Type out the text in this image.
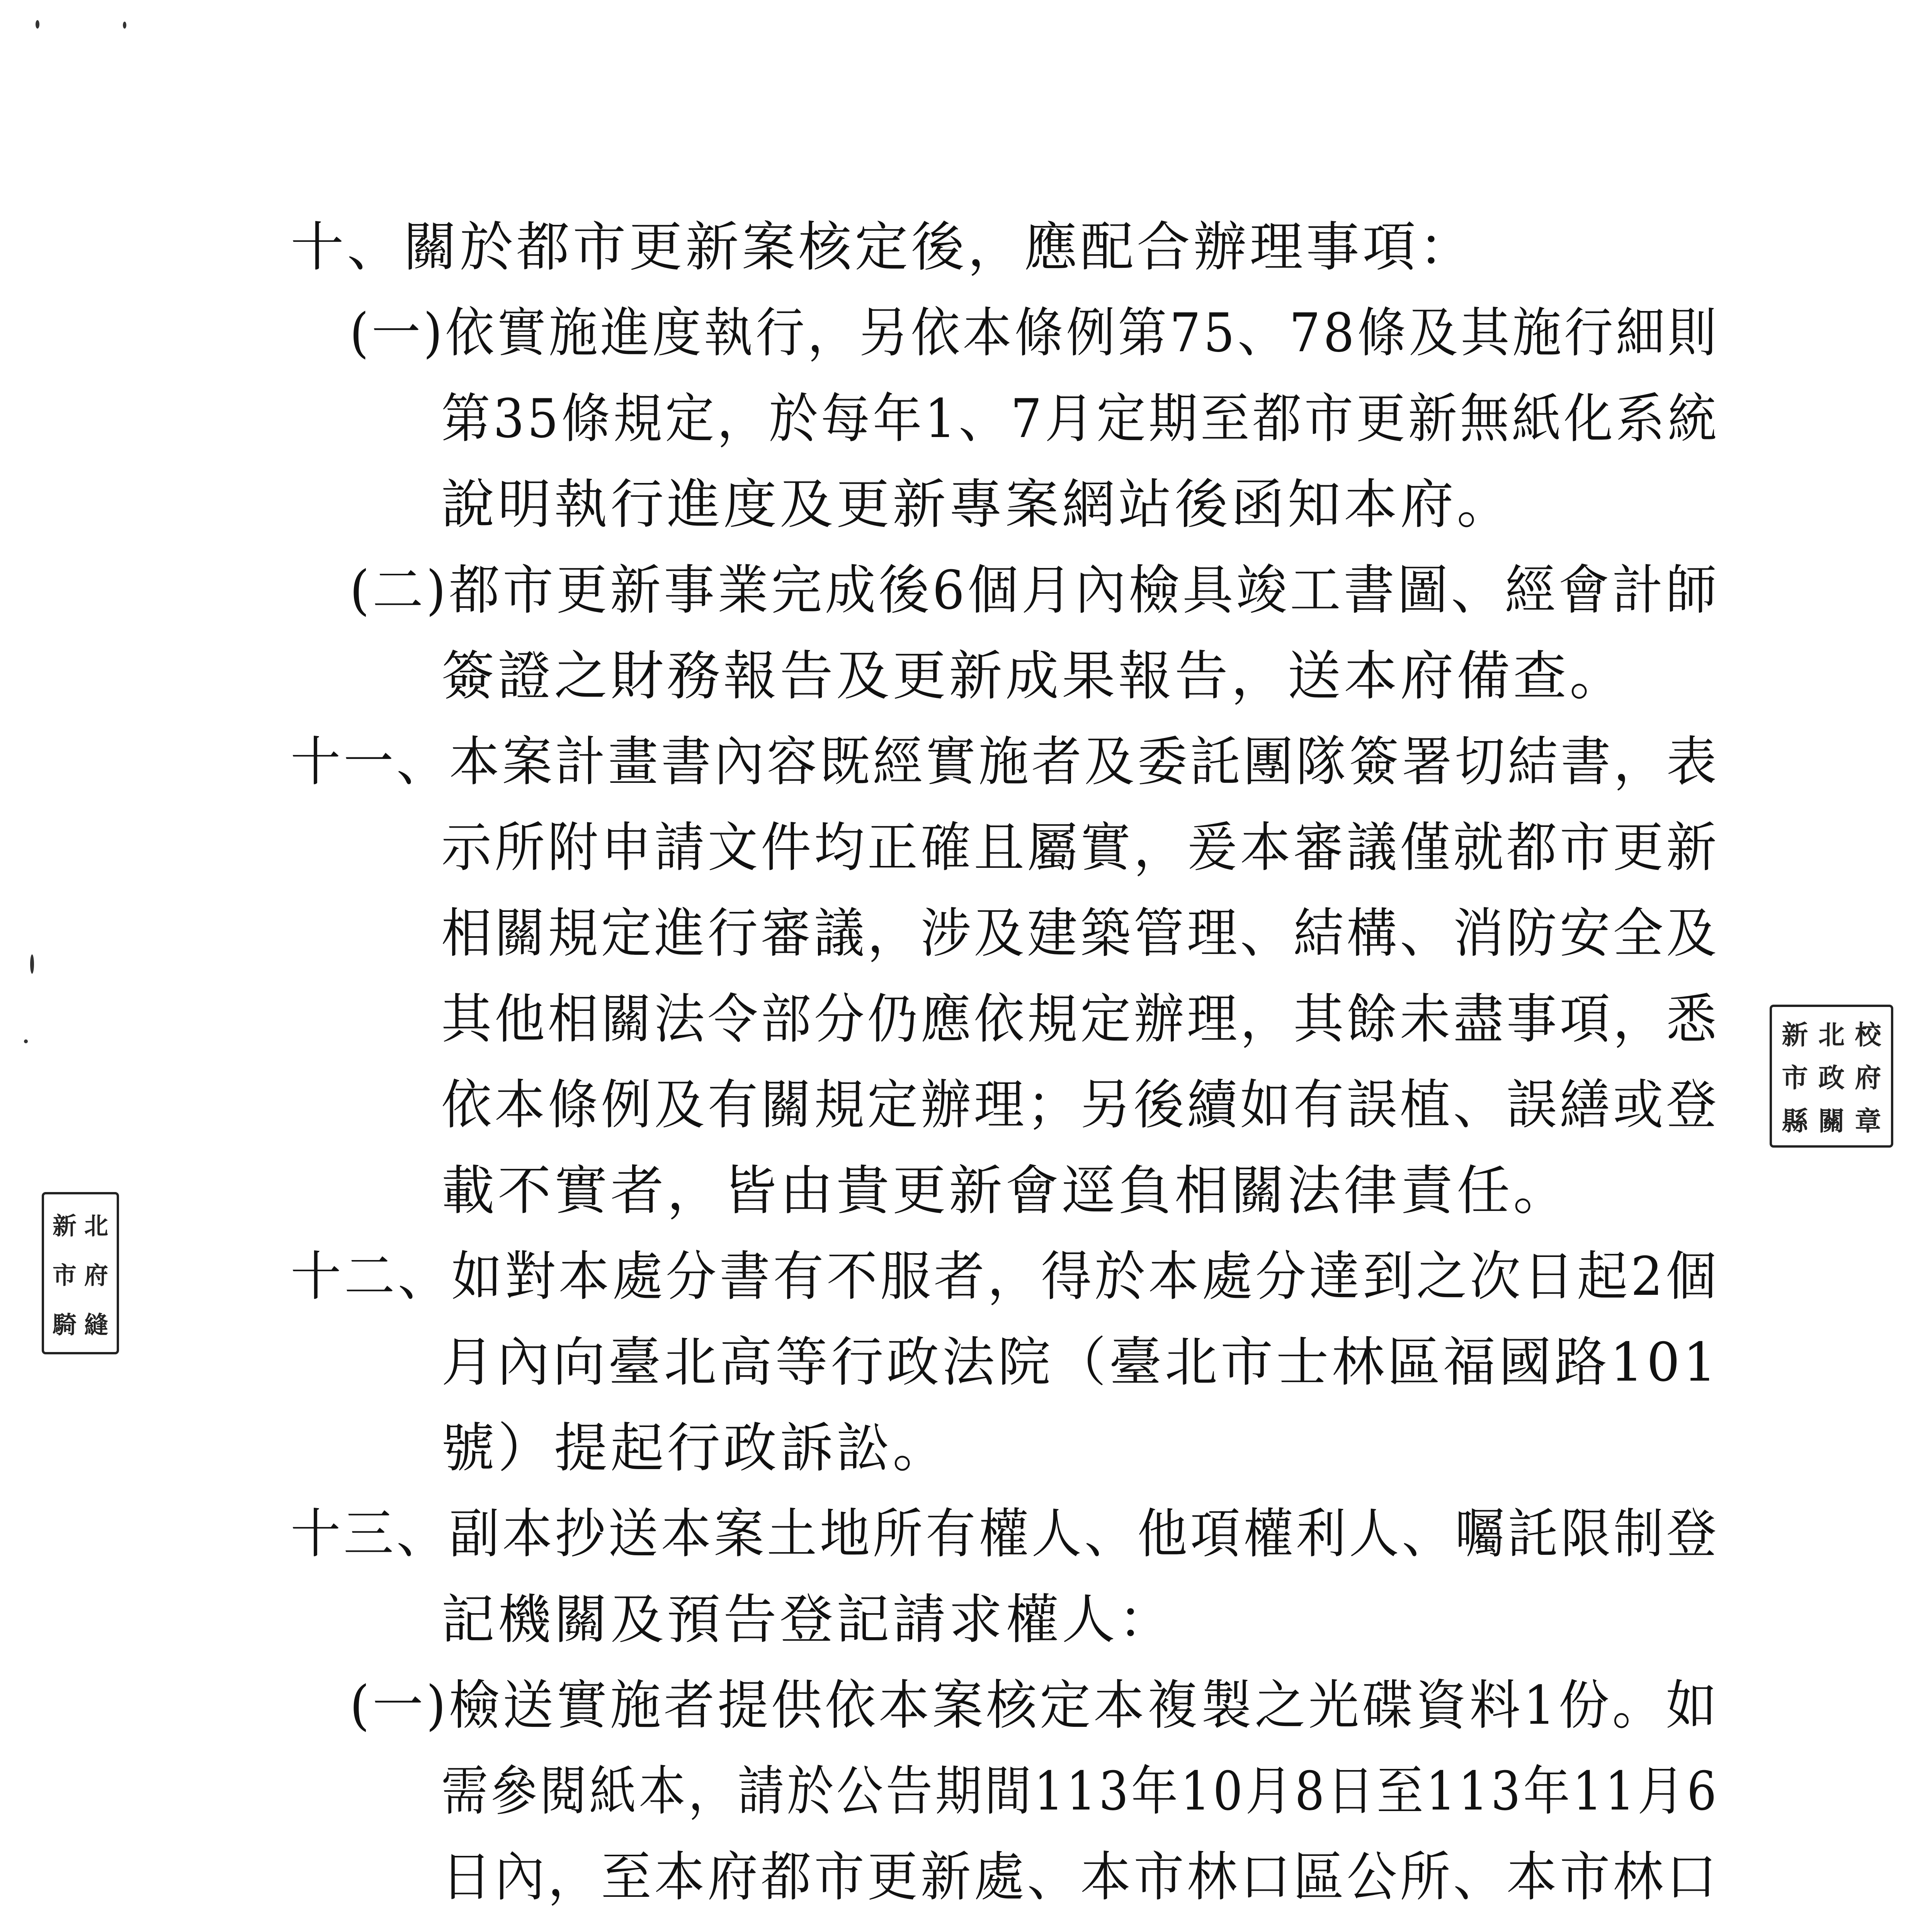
十、關於都市更新案核定後，應配合辦理事項：
(一)依實施進度執行，另依本條例第75、78條及其施行細則
第35條規定，於每年1、7月定期至都市更新無紙化系統
說明執行進度及更新專案網站後函知本府。
(二)都市更新事業完成後6個月內檢具竣工書圖、經會計師
簽證之財務報告及更新成果報告，送本府備查。
十一、本案計畫書內容既經實施者及委託團隊簽署切結書，表
示所附申請文件均正確且屬實，爰本審議僅就都市更新
相關規定進行審議，涉及建築管理、結構、消防安全及
其他相關法令部分仍應依規定辦理，其餘未盡事項，悉
依本條例及有關規定辦理；另後續如有誤植、誤繕或登
載不實者，皆由貴更新會逕負相關法律責任。
十二、如對本處分書有不服者，得於本處分達到之次日起2個
月內向臺北高等行政法院（臺北市士林區福國路101
號）提起行政訴訟。
十三、副本抄送本案土地所有權人、他項權利人、囑託限制登
記機關及預告登記請求權人：
(一)檢送實施者提供依本案核定本複製之光碟資料1份。如
需參閱紙本，請於公告期間113年10月8日至113年11月6
日內，至本府都市更新處、本市林口區公所、本市林口
新 北 校
市 政 府
縣 關 章
新 北
市 府
騎 縫
